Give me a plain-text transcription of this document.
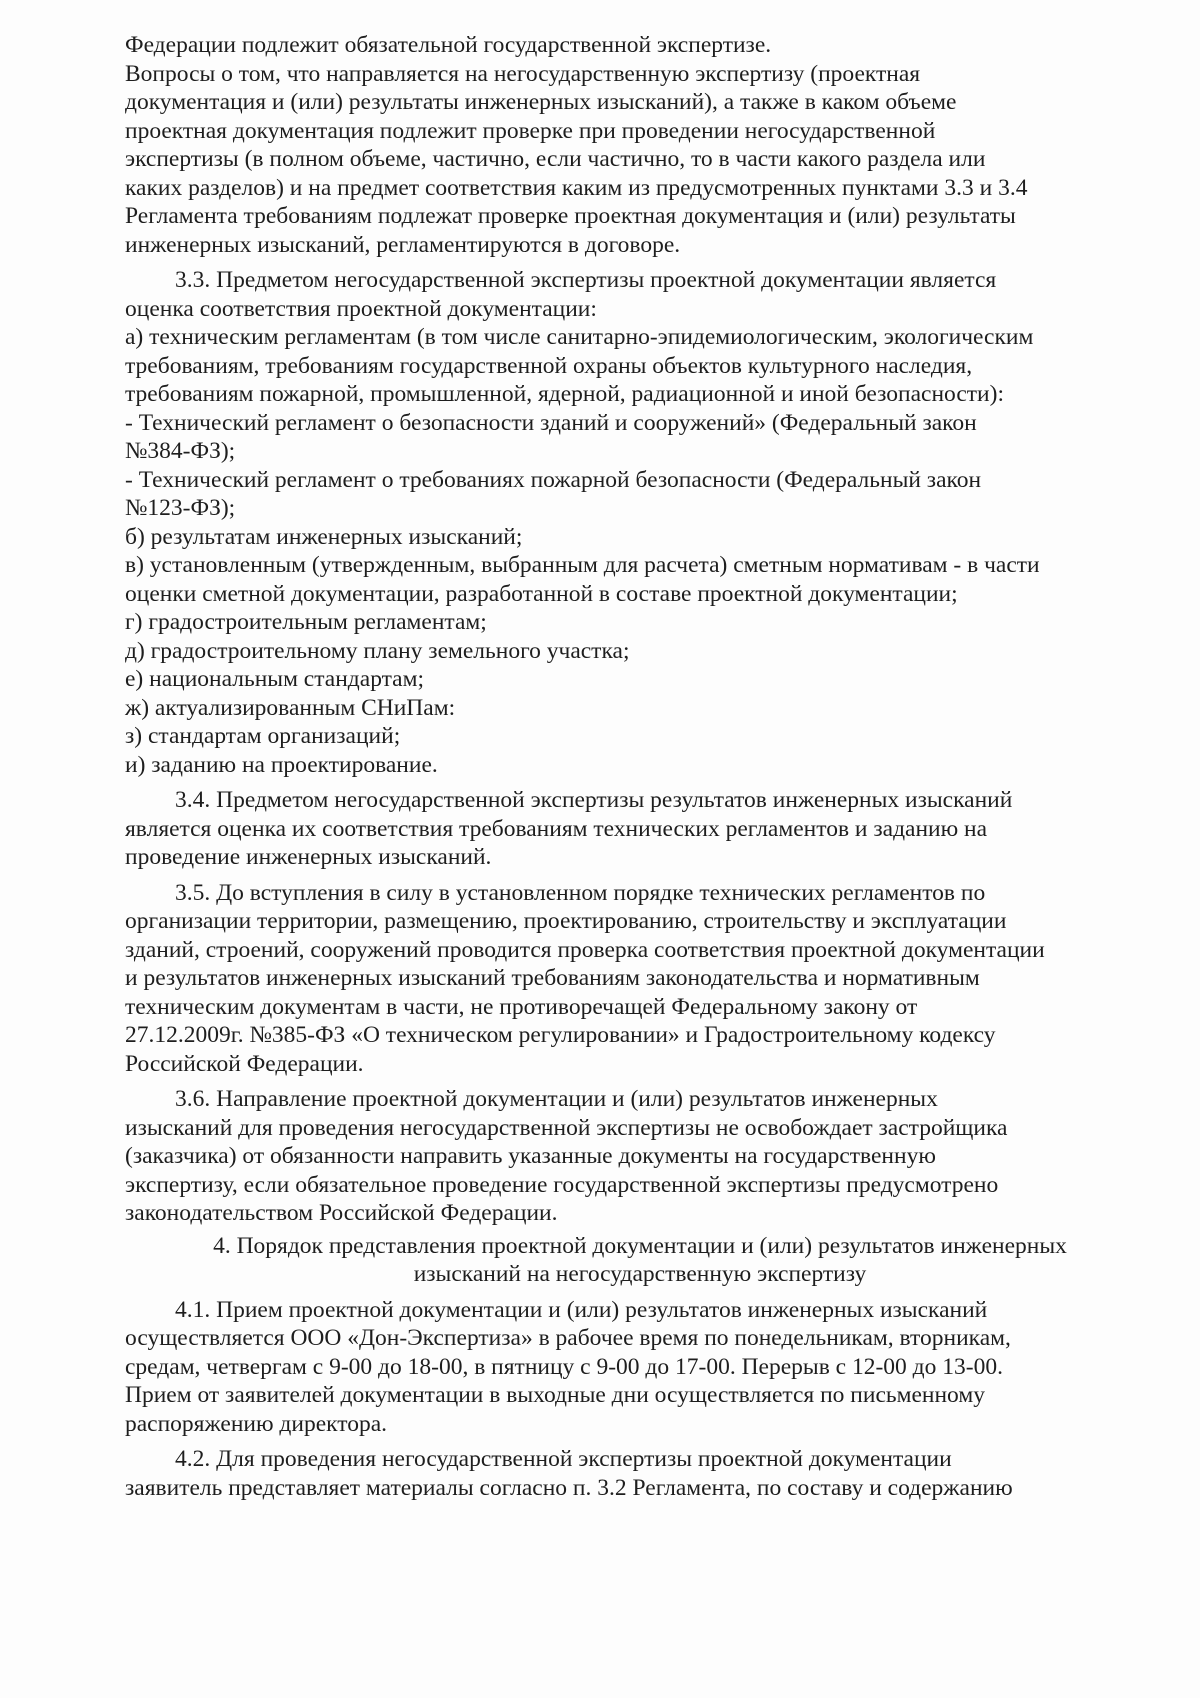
Федерации подлежит обязательной государственной экспертизе.
Вопросы о том, что направляется на негосударственную экспертизу (проектная
документация и (или) результаты инженерных изысканий), а также в каком объеме
проектная документация подлежит проверке при проведении негосударственной
экспертизы (в полном объеме, частично, если частично, то в части какого раздела или
каких разделов) и на предмет соответствия каким из предусмотренных пунктами 3.3 и 3.4
Регламента требованиям подлежат проверке проектная документация и (или) результаты
инженерных изысканий, регламентируются в договоре.
3.3. Предметом негосударственной экспертизы проектной документации является
оценка соответствия проектной документации:
а) техническим регламентам (в том числе санитарно-эпидемиологическим, экологическим
требованиям, требованиям государственной охраны объектов культурного наследия,
требованиям пожарной, промышленной, ядерной, радиационной и иной безопасности):
- Технический регламент о безопасности зданий и сооружений» (Федеральный закон
№384-ФЗ);
- Технический регламент о требованиях пожарной безопасности (Федеральный закон
№123-ФЗ);
б) результатам инженерных изысканий;
в) установленным (утвержденным, выбранным для расчета) сметным нормативам - в части
оценки сметной документации, разработанной в составе проектной документации;
г) градостроительным регламентам;
д) градостроительному плану земельного участка;
е) национальным стандартам;
ж) актуализированным СНиПам:
з) стандартам организаций;
и) заданию на проектирование.
3.4. Предметом негосударственной экспертизы результатов инженерных изысканий
является оценка их соответствия требованиям технических регламентов и заданию на
проведение инженерных изысканий.
3.5. До вступления в силу в установленном порядке технических регламентов по
организации территории, размещению, проектированию, строительству и эксплуатации
зданий, строений, сооружений проводится проверка соответствия проектной документации
и результатов инженерных изысканий требованиям законодательства и нормативным
техническим документам в части, не противоречащей Федеральному закону от
27.12.2009г. №385-ФЗ «О техническом регулировании» и Градостроительному кодексу
Российской Федерации.
3.6. Направление проектной документации и (или) результатов инженерных
изысканий для проведения негосударственной экспертизы не освобождает застройщика
(заказчика) от обязанности направить указанные документы на государственную
экспертизу, если обязательное проведение государственной экспертизы предусмотрено
законодательством Российской Федерации.
4. Порядок представления проектной документации и (или) результатов инженерных
изысканий на негосударственную экспертизу
4.1. Прием проектной документации и (или) результатов инженерных изысканий
осуществляется ООО «Дон-Экспертиза» в рабочее время по понедельникам, вторникам,
средам, четвергам с 9-00 до 18-00, в пятницу с 9-00 до 17-00. Перерыв с 12-00 до 13-00.
Прием от заявителей документации в выходные дни осуществляется по письменному
распоряжению директора.
4.2. Для проведения негосударственной экспертизы проектной документации
заявитель представляет материалы согласно п. 3.2 Регламента, по составу и содержанию
